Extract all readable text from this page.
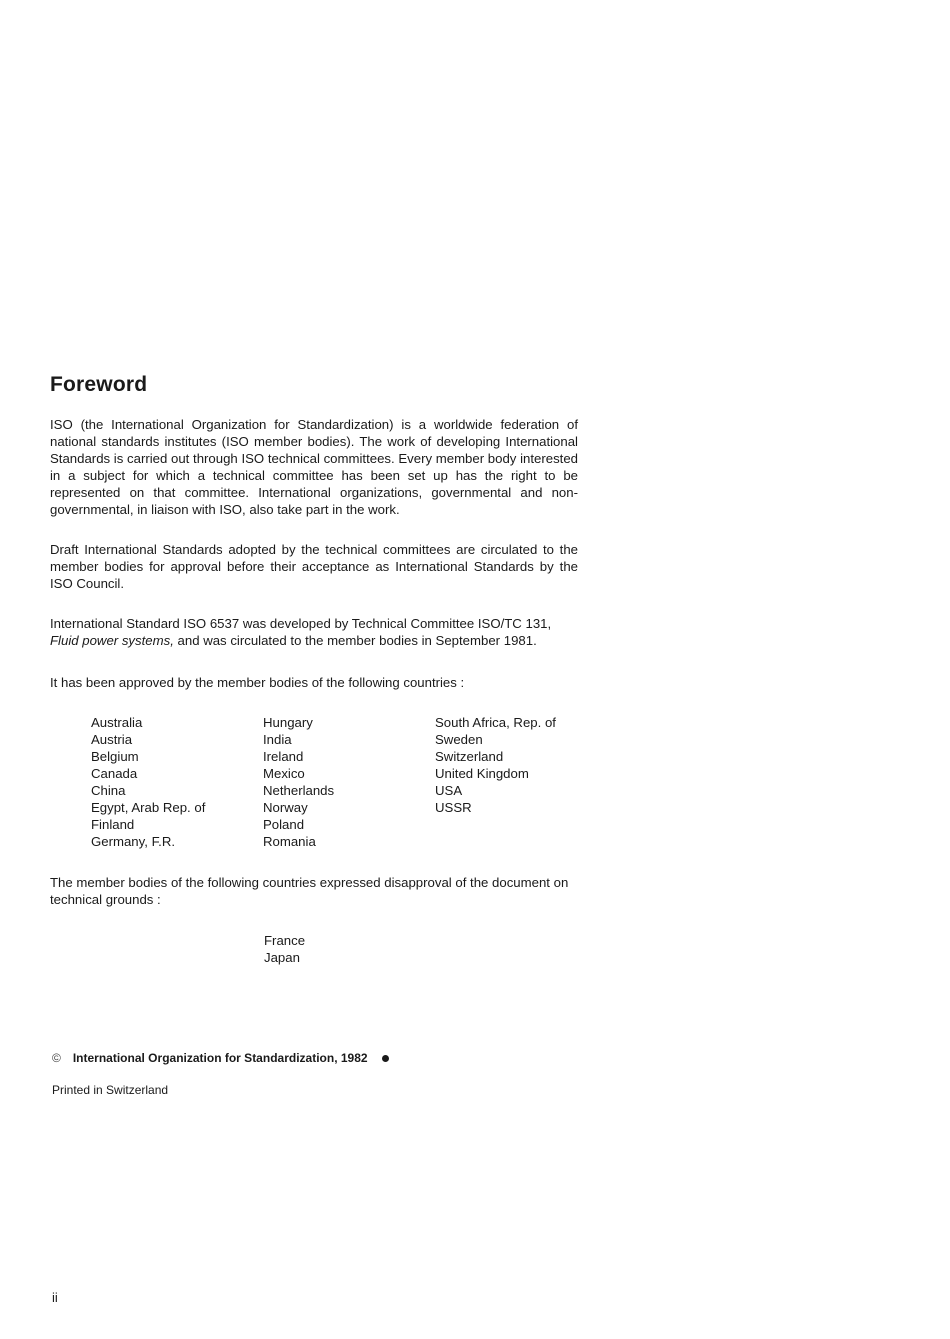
Foreword

ISO (the International Organization for Standardization) is a worldwide federation of national standards institutes (ISO member bodies). The work of developing International Standards is carried out through ISO technical committees. Every member body interested in a subject for which a technical committee has been set up has the right to be represented on that committee. International organizations, governmental and non-governmental, in liaison with ISO, also take part in the work.

Draft International Standards adopted by the technical committees are circulated to the member bodies for approval before their acceptance as International Standards by the ISO Council.

International Standard ISO 6537 was developed by Technical Committee ISO/TC 131,
Fluid power systems, and was circulated to the member bodies in September 1981.

It has been approved by the member bodies of the following countries :

Australia
Austria
Belgium
Canada
China
Egypt, Arab Rep. of
Finland
Germany, F.R.
Hungary
India
Ireland
Mexico
Netherlands
Norway
Poland
Romania
South Africa, Rep. of
Sweden
Switzerland
United Kingdom
USA
USSR

The member bodies of the following countries expressed disapproval of the document on technical grounds :

France
Japan
© International Organization for Standardization, 1982
Printed in Switzerland
ii
